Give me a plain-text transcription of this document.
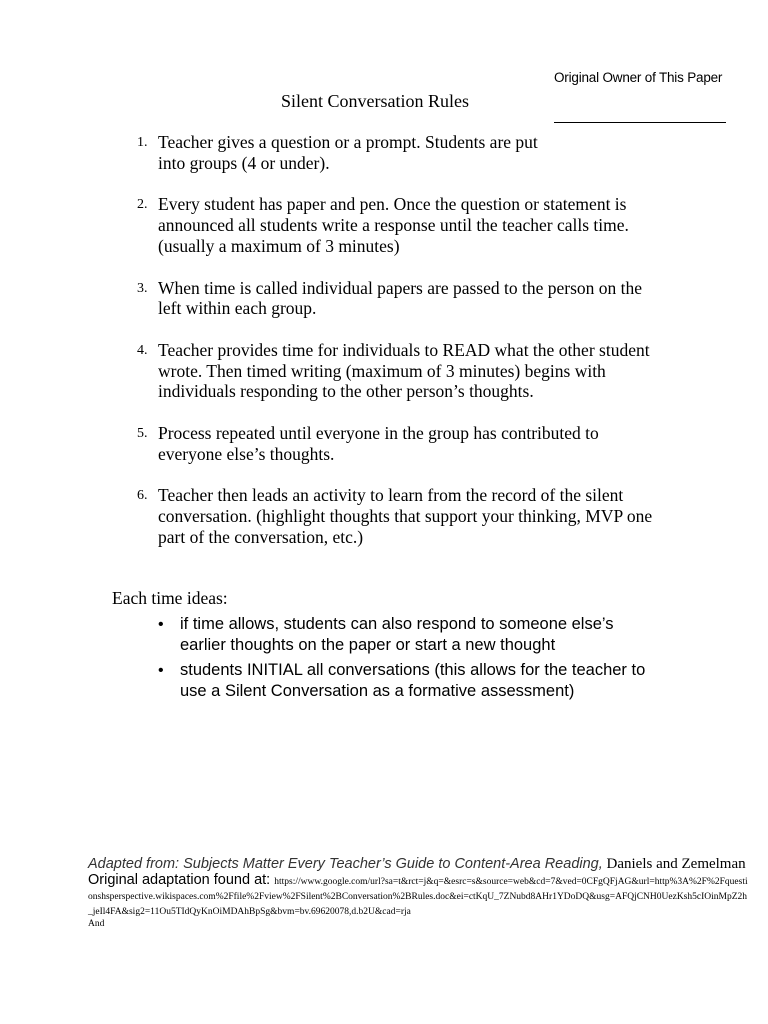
Original Owner of This Paper
Silent Conversation Rules
1. Teacher gives a question or a prompt. Students are put into groups (4 or under).
2. Every student has paper and pen. Once the question or statement is announced all students write a response until the teacher calls time. (usually a maximum of 3 minutes)
3. When time is called individual papers are passed to the person on the left within each group.
4. Teacher provides time for individuals to READ what the other student wrote. Then timed writing (maximum of 3 minutes) begins with individuals responding to the other person’s thoughts.
5. Process repeated until everyone in the group has contributed to everyone else’s thoughts.
6. Teacher then leads an activity to learn from the record of the silent conversation. (highlight thoughts that support your thinking, MVP one part of the conversation, etc.)
Each time ideas:
• if time allows, students can also respond to someone else’s earlier thoughts on the paper or start a new thought
• students INITIAL all conversations (this allows for the teacher to use a Silent Conversation as a formative assessment)
Adapted from: Subjects Matter Every Teacher’s Guide to Content-Area Reading, Daniels and Zemelman
Original adaptation found at: https://www.google.com/url?sa=t&rct=j&q=&esrc=s&source=web&cd=7&ved=0CFgQFjAG&url=http%3A%2F%2Fquestionshsperspective.wikispaces.com%2Ffile%2Fview%2FSilent%2BConversation%2BRules.doc&ei=ctKqU_7ZNubd8AHr1YDoDQ&usg=AFQjCNH0UezKsh5cIOinMpZ2h_jeIl4FA&sig2=11Ou5TIdQyKnOiMDAhBpSg&bvm=bv.69620078,d.b2U&cad=rja
And
